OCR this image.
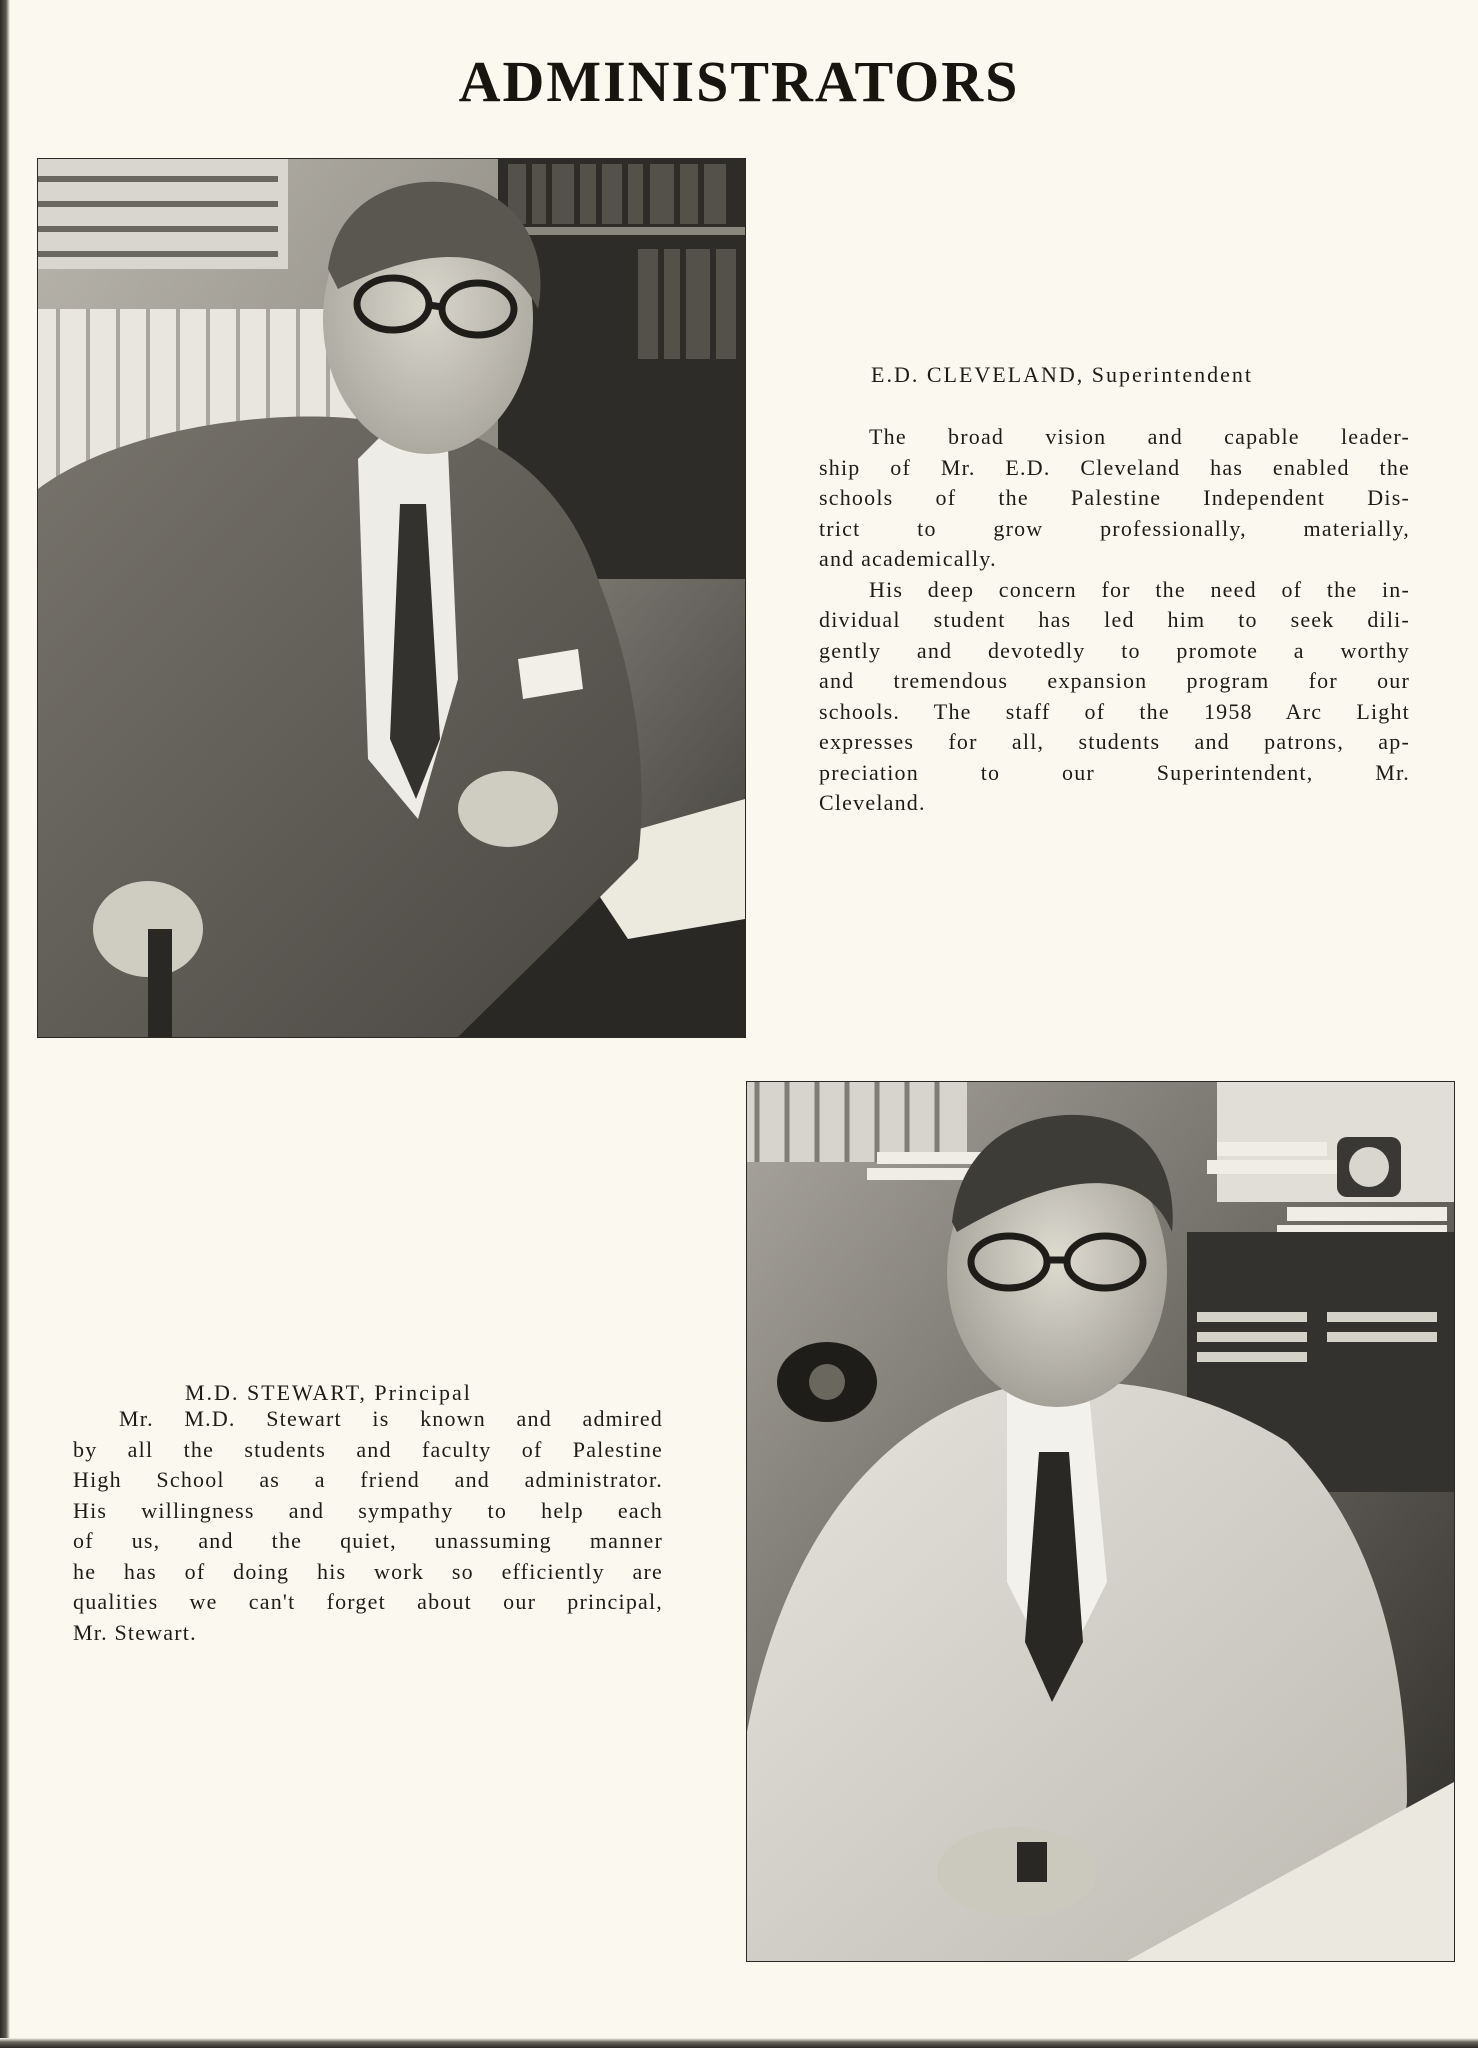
ADMINISTRATORS
E.D. CLEVELAND, Superintendent
The broad vision and capable leader-
ship of Mr. E.D. Cleveland has enabled the
schools of the Palestine Independent Dis-
trict to grow professionally, materially,
and academically.
His deep concern for the need of the in-
dividual student has led him to seek dili-
gently and devotedly to promote a worthy
and tremendous expansion program for our
schools. The staff of the 1958 Arc Light
expresses for all, students and patrons, ap-
preciation to our Superintendent, Mr.
Cleveland.
M.D. STEWART, Principal
Mr. M.D. Stewart is known and admired
by all the students and faculty of Palestine
High School as a friend and administrator.
His willingness and sympathy to help each
of us, and the quiet, unassuming manner
he has of doing his work so efficiently are
qualities we can't forget about our principal,
Mr. Stewart.
